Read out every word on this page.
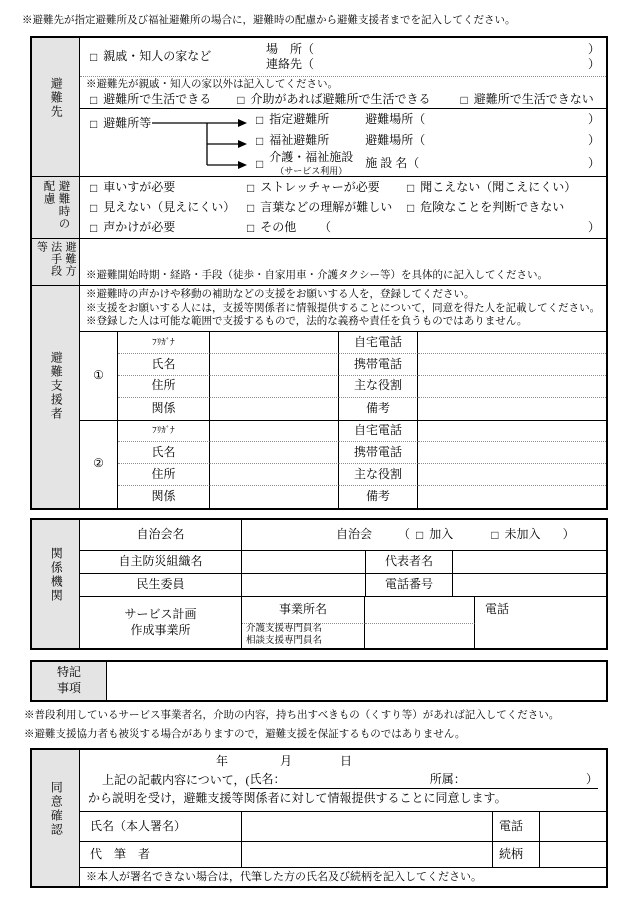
※避難先が指定避難所及び福祉避難所の場合に，避難時の配慮から避難支援者までを記入してください。
避難先
□ 親戚・知人の家など
場　所（	）
連絡先（	）
※避難先が親戚・知人の家以外は記入してください。
□ 避難所で生活できる □ 介助があれば避難所で生活できる	□ 避難所で生活できない
□ 避難所等	□ 指定避難所	避難場所（	）
□ 福祉避難所	避難場所（	）
□ 介護・福祉施設
（サービス利用）
施 設 名（	）
避難時の配慮	□ 車いすが必要	□ ストレッチャーが必要 □ 聞こえない（聞こえにくい）
□ 見えない（見えにくい） □ 言葉などの理解が難しい □ 危険なことを判断できない
□ 声かけが必要	□ その他 （	）
避難方法手段等
※避難開始時期・経路・手段（徒歩・自家用車・介護タクシー等）を具体的に記入してください。
避難支援者
※避難時の声かけや移動の補助などの支援をお願いする人を，登録してください。
※支援をお願いする人には，支援等関係者に情報提供することについて，同意を得た人を記載してください。
※登録した人は可能な範囲で支援するもので，法的な義務や責任を負うものではありません。
①
ﾌﾘｶﾞﾅ	自宅電話
氏名	携帯電話
住所	主な役割
関係	備考
②
ﾌﾘｶﾞﾅ	自宅電話
氏名	携帯電話
住所	主な役割
関係	備考
関係機関
自治会名	自治会 （ □ 加入	□ 未加入 ）
自主防災組織名	代表者名
民生委員	電話番号
サービス計画
作成事業所
事業所名	電話
介護支援専門員名
相談支援専門員名
特記
事項
※普段利用しているサービス事業者名，介助の内容，持ち出すべきもの（くすり等）があれば記入してください。
※避難支援協力者も被災する場合がありますので，避難支援を保証するものではありません。
同意確認
年	月	日
上記の記載内容について，( 氏名：	所属：	）
から説明を受け，避難支援等関係者に対して情報提供することに同意します。
氏名（本人署名）	電話
代　筆　者	続柄
※本人が署名できない場合は，代筆した方の氏名及び続柄を記入してください。
